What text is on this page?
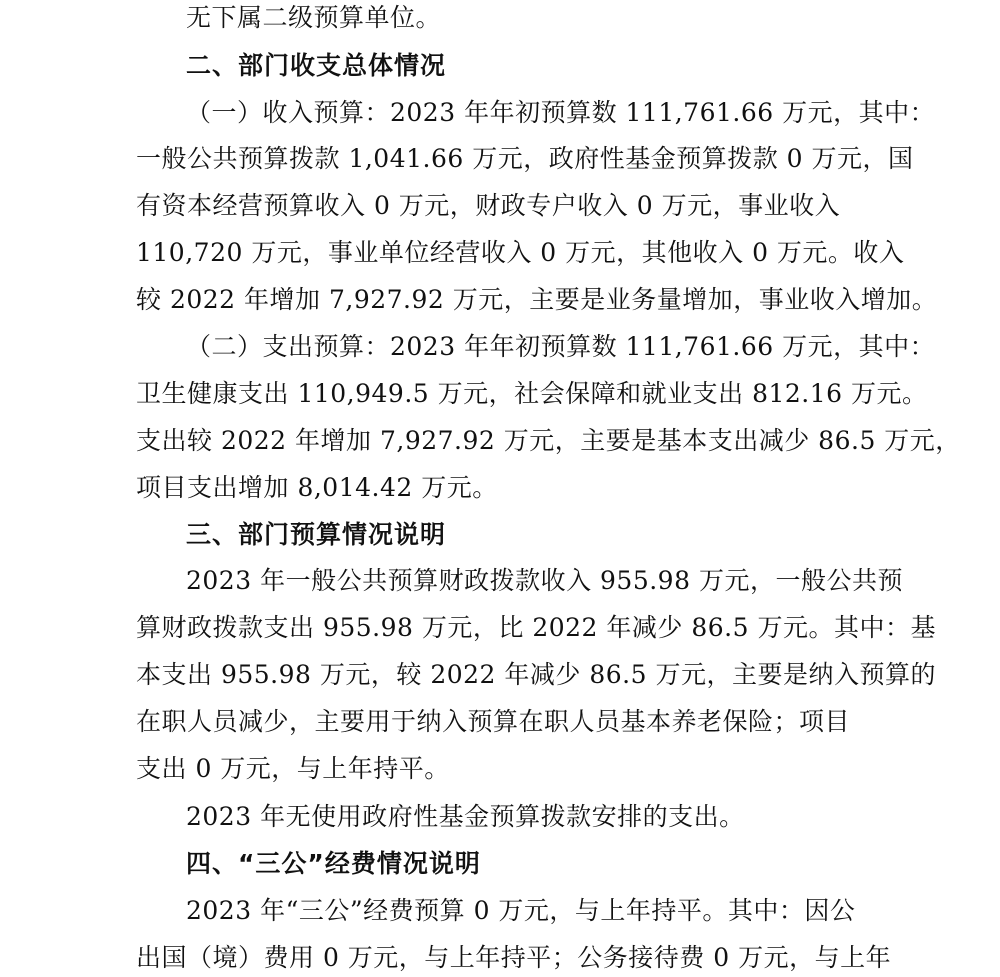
无下属二级预算单位。
二、部门收支总体情况
（一）收入预算：2023 年年初预算数 111,761.66 万元，其中：
一般公共预算拨款 1,041.66 万元，政府性基金预算拨款 0 万元，国
有资本经营预算收入 0 万元，财政专户收入 0 万元，事业收入
110,720 万元，事业单位经营收入 0 万元，其他收入 0 万元。收入
较 2022 年增加 7,927.92 万元，主要是业务量增加，事业收入增加。
（二）支出预算：2023 年年初预算数 111,761.66 万元，其中：
卫生健康支出 110,949.5 万元，社会保障和就业支出 812.16 万元。
支出较 2022 年增加 7,927.92 万元，主要是基本支出减少 86.5 万元，
项目支出增加 8,014.42 万元。
三、部门预算情况说明
2023 年一般公共预算财政拨款收入 955.98 万元，一般公共预
算财政拨款支出 955.98 万元，比 2022 年减少 86.5 万元。其中：基
本支出 955.98 万元，较 2022 年减少 86.5 万元，主要是纳入预算的
在职人员减少，主要用于纳入预算在职人员基本养老保险；项目
支出 0 万元，与上年持平。
2023 年无使用政府性基金预算拨款安排的支出。
四、“三公”经费情况说明
2023 年“三公”经费预算 0 万元，与上年持平。其中：因公
出国（境）费用 0 万元，与上年持平；公务接待费 0 万元，与上年
